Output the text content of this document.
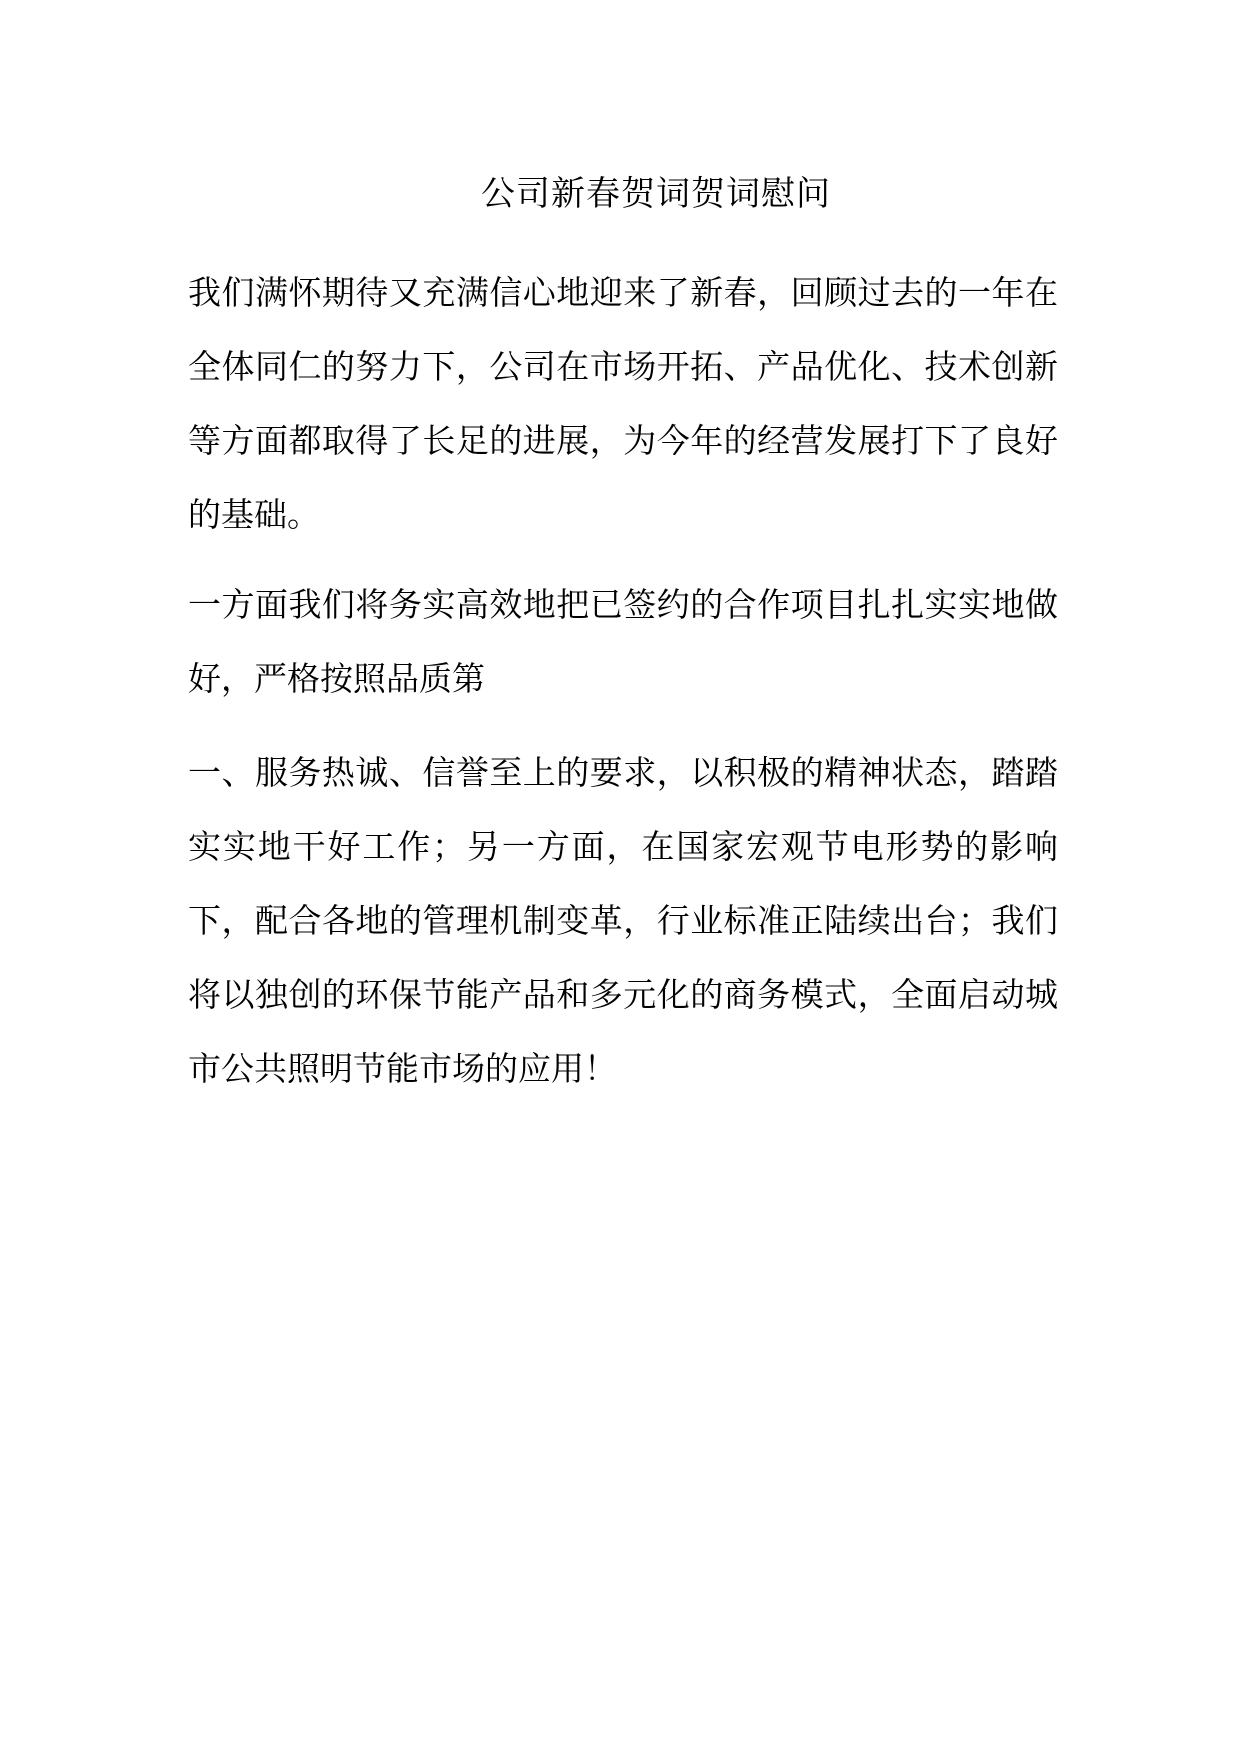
公司新春贺词贺词慰问

我们满怀期待又充满信心地迎来了新春，回顾过去的一年在全体同仁的努力下，公司在市场开拓、产品优化、技术创新等方面都取得了长足的进展，为今年的经营发展打下了良好的基础。

一方面我们将务实高效地把已签约的合作项目扎扎实实地做好，严格按照品质第

一、服务热诚、信誉至上的要求，以积极的精神状态，踏踏实实地干好工作；另一方面，在国家宏观节电形势的影响下，配合各地的管理机制变革，行业标准正陆续出台；我们将以独创的环保节能产品和多元化的商务模式，全面启动城市公共照明节能市场的应用！
